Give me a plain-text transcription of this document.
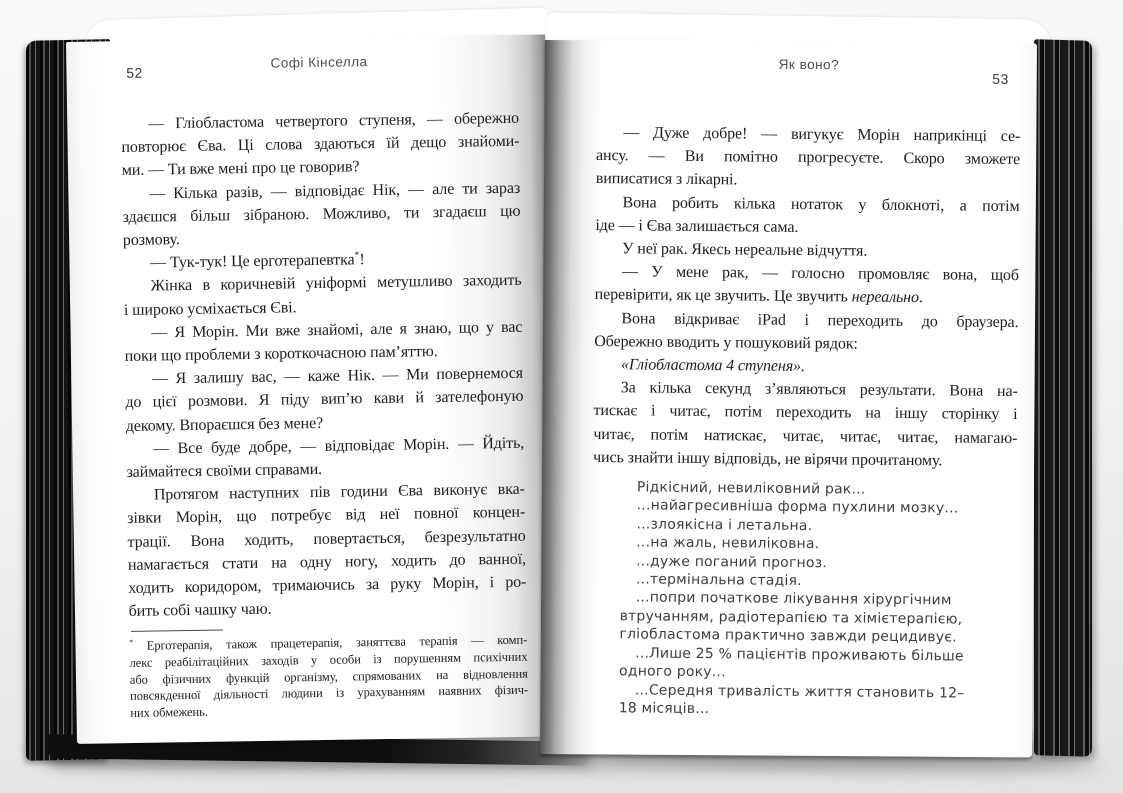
52
Софі Кінселла
— Гліобластома четвертого ступеня, — обережно
повторює Єва. Ці слова здаються їй дещо знайоми-
ми. — Ти вже мені про це говорив?
— Кілька разів, — відповідає Нік, — але ти зараз
здаєшся більш зібраною. Можливо, ти згадаєш цю
розмову.
— Тук-тук! Це ерготерапевтка*!
Жінка в коричневій уніформі метушливо заходить
і широко усміхається Єві.
— Я Морін. Ми вже знайомі, але я знаю, що у вас
поки що проблеми з короткочасною пам’яттю.
— Я залишу вас, — каже Нік. — Ми повернемося
до цієї розмови. Я піду вип’ю кави й зателефоную
декому. Впораєшся без мене?
— Все буде добре, — відповідає Морін. — Йдіть,
займайтеся своїми справами.
Протягом наступних пів години Єва виконує вка-
зівки Морін, що потребує від неї повної концен-
трації. Вона ходить, повертається, безрезультатно
намагається стати на одну ногу, ходить до ванної,
ходить коридором, тримаючись за руку Морін, і ро-
бить собі чашку чаю.
* Ерготерапія, також працетерапія, заняттєва терапія — комп-
лекс реабілітаційних заходів у особи із порушенням психічних
або фізичних функцій організму, спрямованих на відновлення
повсякденної діяльності людини із урахуванням наявних фізич-
них обмежень.
Як воно?
53
— Дуже добре! — вигукує Морін наприкінці се-
ансу. — Ви помітно прогресуєте. Скоро зможете
виписатися з лікарні.
Вона робить кілька нотаток у блокноті, а потім
іде — і Єва залишається сама.
У неї рак. Якесь нереальне відчуття.
— У мене рак, — голосно промовляє вона, щоб
перевірити, як це звучить. Це звучить нереально.
Вона відкриває iPad і переходить до браузера.
Обережно вводить у пошуковий рядок:
«Гліобластома 4 ступеня».
За кілька секунд з’являються результати. Вона на-
тискає і читає, потім переходить на іншу сторінку і
читає, потім натискає, читає, читає, читає, намагаю-
чись знайти іншу відповідь, не вірячи прочитаному.
Рідкісний, невиліковний рак...
...найагресивніша форма пухлини мозку...
...злоякісна і летальна.
...на жаль, невиліковна.
...дуже поганий прогноз.
...термінальна стадія.
...попри початкове лікування хірургічним
втручанням, радіотерапією та хімієтерапією,
гліобластома практично завжди рецидивує.
...Лише 25 % пацієнтів проживають більше
одного року...
...Середня тривалість життя становить 12–
18 місяців...
